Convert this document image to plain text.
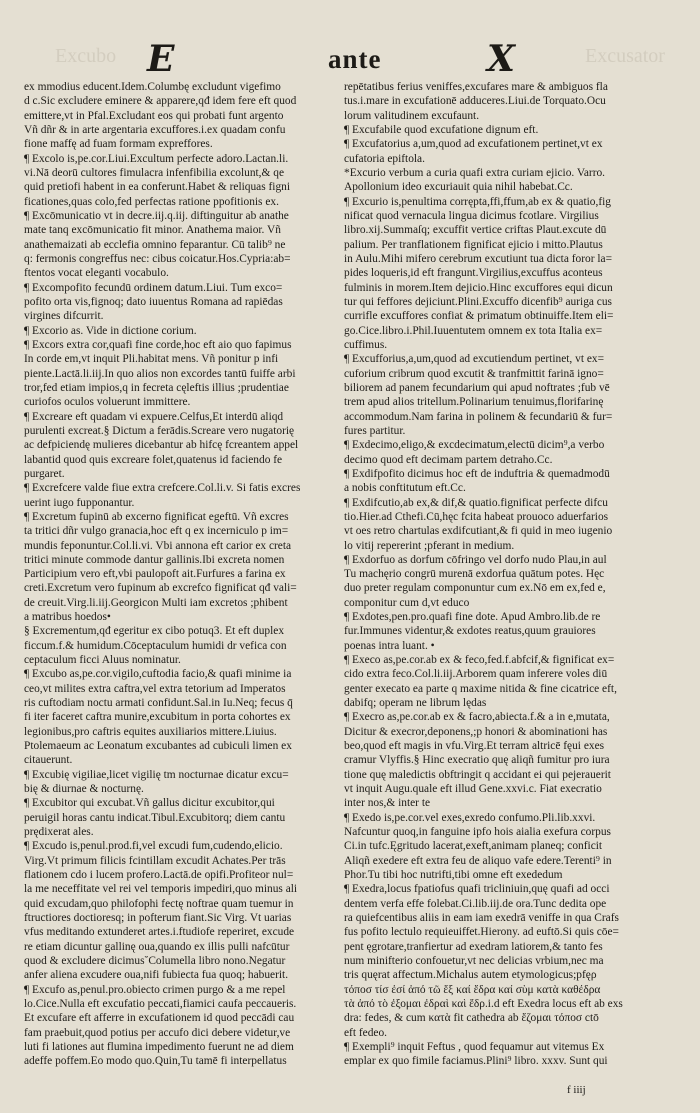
Excubo	Excusator
E	ante	X
ex mmodius educent.Idem.Columbę excludunt vigefimo
d c.Sic excludere eminere & apparere,qđ idem fere eft quod
emittere,vt in Pfal.Excludant eos qui probati funt argento
Vñ dñr & in arte argentaria excuffores.i.ex quadam confu
fione maffę ad fuam formam expreffores.
¶ Excolo is,pe.cor.Liui.Excultum perfecte adoro.Lactan.li.
vi.Nā deorū cultores fimulacra infenfibilia excolunt,& qe
quid pretiofi habent in ea conferunt.Habet & reliquas figni
ficationes,quas colo,fed perfectas ratione ppofitionis ex.
¶ Excōmunicatio vt in decre.iij.q.iij. diftinguitur ab anathe
mate tanq excōmunicatio fit minor. Anathema maior. Vñ
anathemaizati ab ecclefia omnino feparantur. Cū talib⁹ ne
q: fermonis congreffus nec: cibus coicatur.Hos.Cypria:ab=
ftentos vocat eleganti vocabulo.
¶ Excompofito fecundū ordinem datum.Liui. Tum exco=
pofito orta vis,fignoq; dato iuuentus Romana ad rapiēdas
virgines difcurrit.
¶ Excorio as. Vide in dictione corium.
¶ Excors extra cor,quafi fine corde,hoc eft aio quo fapimus
In corde em,vt inquit Pli.habitat mens. Vñ ponitur p infi
piente.Lactā.li.iij.In quo alios non excordes tantū fuiffe arbi
tror,fed etiam impios,q in fecreta cęleftis illius ;prudentiae
curiofos oculos voluerunt immittere.
¶ Excreare eft quadam vi expuere.Celfus,Et interdū aliqd
purulenti excreat.§ Dictum a ferādis.Screare vero nugatorię
ac defpiciendę mulieres dicebantur ab hifcę fcreantem appel
labantid quod quis excreare folet,quatenus id faciendo fe
purgaret.
¶ Excrefcere valde fiue extra crefcere.Col.li.v. Si fatis excres
uerint iugo fupponantur.
¶ Excretum fupinū ab excerno fignificat egeftū. Vñ excres
ta tritici dñr vulgo granacia,hoc eft q ex incerniculo p im=
mundis feponuntur.Col.li.vi. Vbi annona eft carior ex creta
tritici minute commode dantur gallinis.Ibi excreta nomen
Participium vero eft,vbi paulopoft ait.Furfures a farina ex
creti.Excretum vero fupinum ab excrefco fignificat qđ vali=
de creuit.Virg.li.iij.Georgicon Multi iam excretos ;phibent
a matribus hoedos•
§ Excrementum,qđ egeritur ex cibo potuq3. Et eft duplex
ficcum.f.& humidum.Cōceptaculum humidi dr vefica con
ceptaculum ficci Aluus nominatur.
¶ Excubo as,pe.cor.vigilo,cuftodia facio,& quafi minime ia
ceo,vt milites extra caftra,vel extra tetorium ad Imperatos
ris cuftodiam noctu armati confidunt.Sal.in Iu.Neq; fecus q̄
fi iter faceret caftra munire,excubitum in porta cohortes ex
legionibus,pro caftris equites auxiliarios mittere.Liuius.
Ptolemaeum ac Leonatum excubantes ad cubiculi limen ex
citauerunt.
¶ Excubię vigiliae,licet vigilię tm nocturnae dicatur excu=
bię & diurnae & nocturnę.
¶ Excubitor qui excubat.Vñ gallus dicitur excubitor,qui
peruigil horas cantu indicat.Tibul.Excubitorq; diem cantu
prędixerat ales.
¶ Excudo is,penul.prod.fi,vel excudi fum,cudendo,elicio.
Virg.Vt primum filicis fcintillam excudit Achates.Per trās
flationem cdo i lucem profero.Lactā.de opifi.Profiteor nul=
la me neceffitate vel rei vel temporis impediri,quo minus ali
quid excudam,quo philofophi fectę noftrae quam tuemur in
ftructiores doctioresq; in pofterum fiant.Sic Virg. Vt uarias
vfus meditando extunderet artes.i.ftudiofe reperiret, excude
re etiam dicuntur gallinę oua,quando ex illis pulli nafcūtur
quod & excludere dicimus˘Columella libro nono.Negatur
anfer aliena excudere oua,nifi fubiecta fua quoq; habuerit.
¶ Excufo as,penul.pro.obiecto crimen purgo & a me repel
lo.Cice.Nulla eft excufatio peccati,fiamici caufa peccaueris.
Et excufare eft afferre in excufationem id quod peccādi cau
fam praebuit,quod potius per accufo dici debere videtur,ve
luti fi lationes aut flumina impedimento fuerunt ne ad diem
adeffe poffem.Eo modo quo.Quin,Tu tamē fi interpellatus
repētatibus ferius veniffes,excufares mare & ambiguos fla
tus.i.mare in excufationē adduceres.Liui.de Torquato.Ocu
lorum valitudinem excufaunt.
¶ Excufabile quod excufatione dignum eft.
¶ Excufatorius a,um,quod ad excufationem pertinet,vt ex
cufatoria epiftola.
*Excurio verbum a curia quafi extra curiam ejicio. Varro.
Apollonium ideo excuriauit quia nihil habebat.Cc.
¶ Excurio is,penultima corrępta,ffi,ffum,ab ex & quatio,fig
nificat quod vernacula lingua dicimus fcotlare. Virgilius
libro.xij.Summaſq; excuffit vertice criftas Plaut.excute dū
palium. Per tranflationem fignificat ejicio i mitto.Plautus
in Aulu.Mihi mifero cerebrum excutiunt tua dicta foror la=
pides loqueris,id eft frangunt.Virgilius,excuffus aconteus
fulminis in morem.Item dejicio.Hinc excuffores equi dicun
tur qui feffores dejiciunt.Plini.Excuffo dicenfib⁹ auriga cus
currifle excuffores confiat & primatum obtinuiffe.Item eli=
go.Cice.libro.i.Phil.Iuuentutem omnem ex tota Italia ex=
cuffimus.
¶ Excufforius,a,um,quod ad excutiendum pertinet, vt ex=
cuforium cribrum quod excutit & tranfmittit farinā igno=
biliorem ad panem fecundarium qui apud noftrates ;fub vē
trem apud alios tritellum.Polinarium tenuimus,florifarinę
accommodum.Nam farina in polinem & fecundariū & fur=
fures partitur.
¶ Exdecimo,eligo,& excdecimatum,electū dicim⁹,a verbo
decimo quod eft decimam partem detraho.Cc.
¶ Exdifpofito dicimus hoc eft de induftria & quemadmodū
a nobis conftitutum eft.Cc.
¶ Exdifcutio,ab ex,& dif,& quatio.fignificat perfecte difcu
tio.Hier.ad Cthefi.Cū,hęc fcita habeat prouoco aduerfarios
vt oes retro chartulas exdifcutiant,& fi quid in meo iugenio
lo vitij repererint ;pferant in medium.
¶ Exdorfuo as dorfum cōfringo vel dorfo nudo Plau,in aul
Tu machęrio congrū murenā exdorfua quātum potes. Hęc
duo preter regulam componuntur cum ex.Nō em ex,fed e,
componitur cum d,vt educo
¶ Exdotes,pen.pro.quafi fine dote. Apud Ambro.lib.de re
fur.Immunes videntur,& exdotes reatus,quum grauiores
poenas intra luant. •
¶ Execo as,pe.cor.ab ex & feco,fed.f.abfcif,& fignificat ex=
cido extra feco.Col.li.iij.Arborem quam inferere voles diū
genter execato ea parte q maxime nitida & fine cicatrice eft,
dabifq; operam ne librum lędas
¶ Execro as,pe.cor.ab ex & facro,abiecta.f.& a in e,mutata,
Dicitur & execror,deponens,;p honori & abominationi has
beo,quod eft magis in vfu.Virg.Et terram altricē fęui exes
cramur Vlyffis.§ Hinc execratio quę aliqñ fumitur pro iura
tione quę maledictis obftringit q accidant ei qui pejerauerit
vt inquit Augu.quale eft illud Gene.xxvi.c. Fiat execratio
inter nos,& inter te
¶ Exedo is,pe.cor.vel exes,exredo confumo.Pli.lib.xxvi.
Nafcuntur quoq,in fanguine ipfo hois aialia exefura corpus
Ci.in tufc.Ęgritudo lacerat,exeft,animam planeq; conficit
Aliqñ exedere eft extra feu de aliquo vafe edere.Terenti⁹ in
Phor.Tu tibi hoc nutrifti,tibi omne eft exededum
¶ Exedra,locus fpatiofus quafi tricliniuin,quę quafi ad occi
dentem verfa effe folebat.Ci.lib.iij.de ora.Tunc dedita ope
ra quiefcentibus aliis in eam iam exedrā veniffe in qua Crafs
fus pofito lectulo requieuiffet.Hierony. ad euftō.Si quis cōe=
pent ęgrotare,tranfiertur ad exedram latiorem,& tanto fes
num minifterio confouetur,vt nec delicias vrbium,nec ma
tris quęrat affectum.Michalus autem etymologicus;pfęρ
τόποσ τίσ ἐσί ἀπό τῶ ἕξ καί ἕδρα καί σὺμ κατὰ καθέδρα
τὰ ἀπό τὸ ἐξομαι ἐδραὶ καὶ ἕδρ.i.d eft Exedra locus eft ab exs
dra: fedes, & cum κατὰ fit cathedra ab ἕζομαι τόποσ ctō
eft fedeo.
¶ Exempli⁹ inquit Feftus , quod fequamur aut vitemus Ex
emplar ex quo fimile faciamus.Plini⁹ libro. xxxv. Sunt qui
f iiij
